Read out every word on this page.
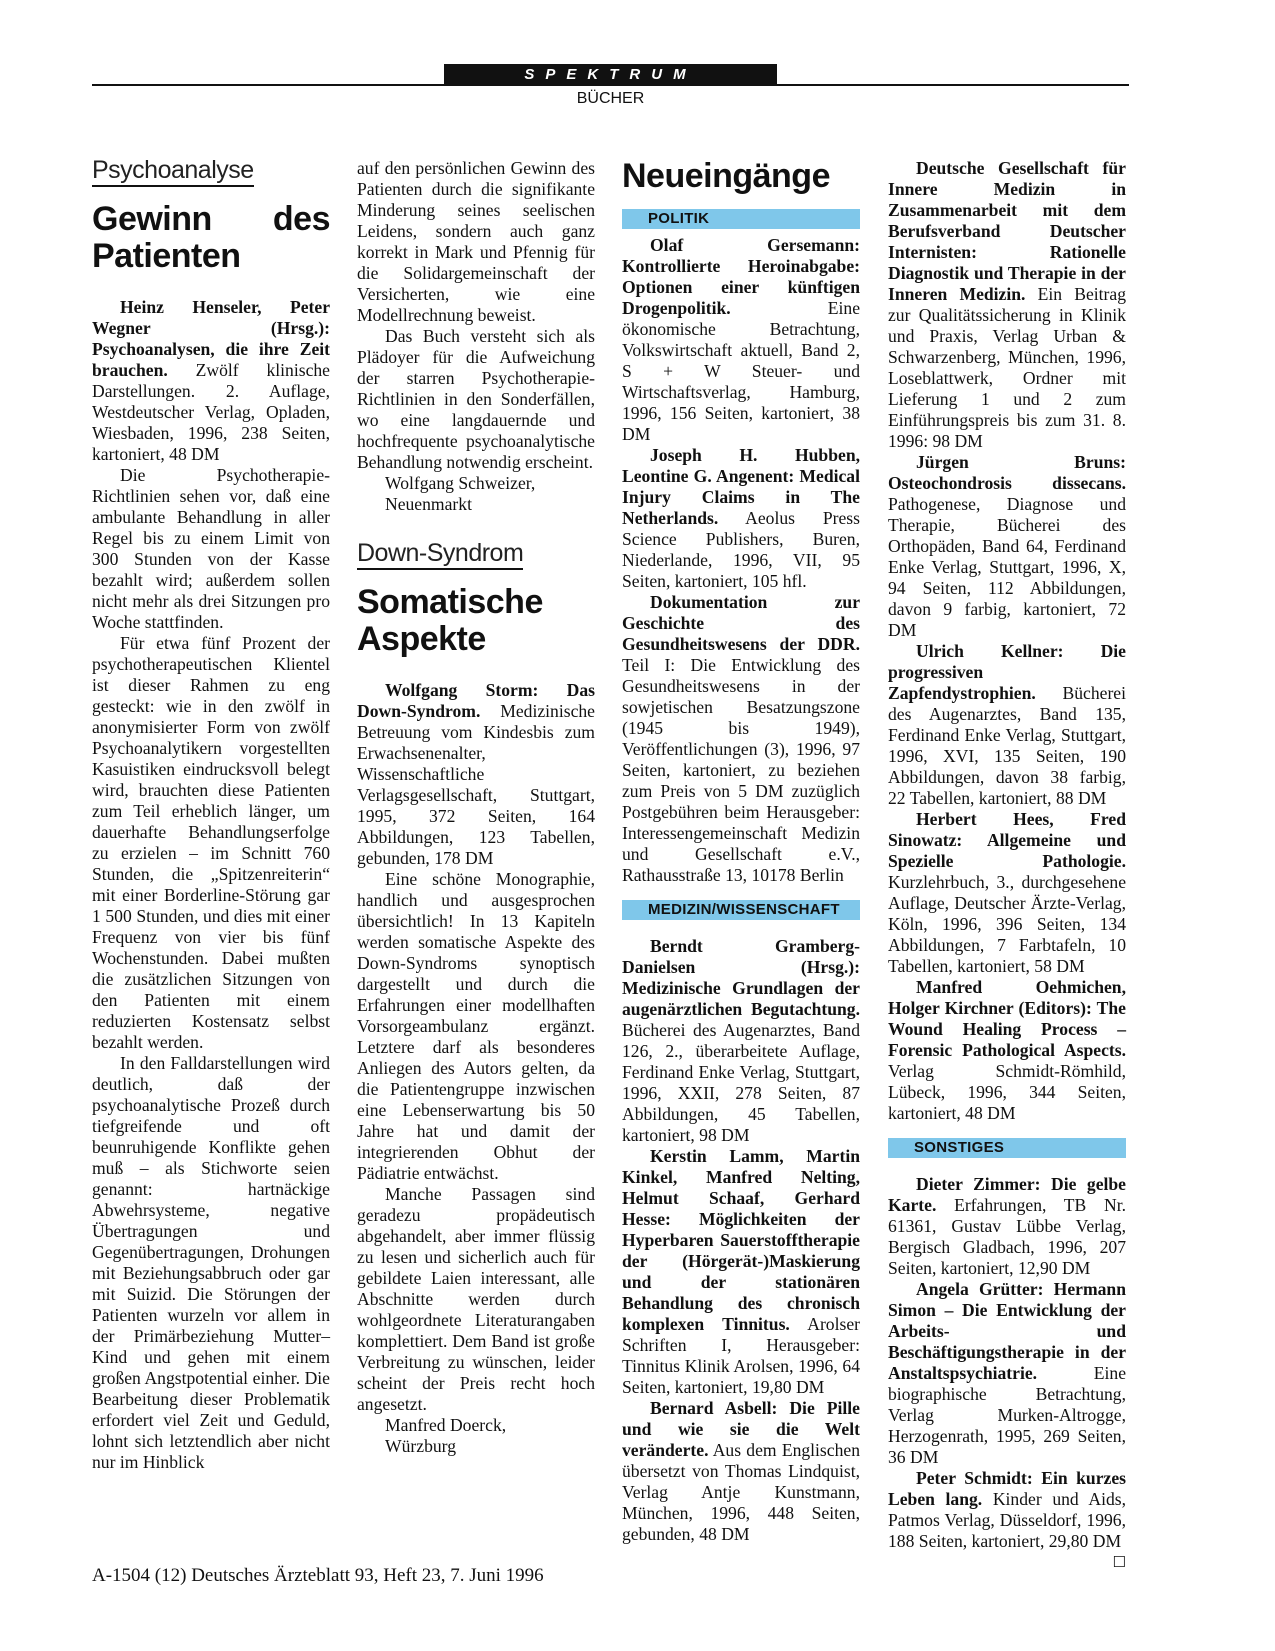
SPEKTRUM
BÜCHER
Psychoanalyse
Gewinn des Patienten

Heinz Henseler, Peter Wegner (Hrsg.): Psychoanalysen, die ihre Zeit brauchen. Zwölf klinische Darstellungen. 2. Auflage, Westdeutscher Verlag, Opladen, Wiesbaden, 1996, 238 Seiten, kartoniert, 48 DM

Die Psychotherapie-Richtlinien sehen vor, daß eine ambulante Behandlung in aller Regel bis zu einem Limit von 300 Stunden von der Kasse bezahlt wird; außerdem sollen nicht mehr als drei Sitzungen pro Woche stattfinden.

Für etwa fünf Prozent der psychotherapeutischen Klientel ist dieser Rahmen zu eng gesteckt: wie in den zwölf in anonymisierter Form von zwölf Psychoanalytikern vorgestellten Kasuistiken eindrucksvoll belegt wird, brauchten diese Patienten zum Teil erheblich länger, um dauerhafte Behandlungserfolge zu erzielen – im Schnitt 760 Stunden, die „Spitzenreiterin“ mit einer Borderline-Störung gar 1 500 Stunden, und dies mit einer Frequenz von vier bis fünf Wochenstunden. Dabei mußten die zusätzlichen Sitzungen von den Patienten mit einem reduzierten Kostensatz selbst bezahlt werden.

In den Falldarstellungen wird deutlich, daß der psychoanalytische Prozeß durch tiefgreifende und oft beunruhigende Konflikte gehen muß – als Stichworte seien genannt: hartnäckige Abwehrsysteme, negative Übertragungen und Gegenübertragungen, Drohungen mit Beziehungsabbruch oder gar mit Suizid. Die Störungen der Patienten wurzeln vor allem in der Primärbeziehung Mutter–Kind und gehen mit einem großen Angstpotential einher. Die Bearbeitung dieser Problematik erfordert viel Zeit und Geduld, lohnt sich letztendlich aber nicht nur im Hinblick

auf den persönlichen Gewinn des Patienten durch die signifikante Minderung seines seelischen Leidens, sondern auch ganz korrekt in Mark und Pfennig für die Solidargemeinschaft der Versicherten, wie eine Modellrechnung beweist.

Das Buch versteht sich als Plädoyer für die Aufweichung der starren Psychotherapie-Richtlinien in den Sonderfällen, wo eine langdauernde und hochfrequente psychoanalytische Behandlung notwendig erscheint.

Wolfgang Schweizer,

Neuenmarkt

Down-Syndrom
Somatische Aspekte

Wolfgang Storm: Das Down-Syndrom. Medizinische Betreuung vom Kindesbis zum Erwachsenenalter, Wissenschaftliche Verlagsgesellschaft, Stuttgart, 1995, 372 Seiten, 164 Abbildungen, 123 Tabellen, gebunden, 178 DM

Eine schöne Monographie, handlich und ausgesprochen übersichtlich! In 13 Kapiteln werden somatische Aspekte des Down-Syndroms synoptisch dargestellt und durch die Erfahrungen einer modellhaften Vorsorgeambulanz ergänzt. Letztere darf als besonderes Anliegen des Autors gelten, da die Patientengruppe inzwischen eine Lebenserwartung bis 50 Jahre hat und damit der integrierenden Obhut der Pädiatrie entwächst.

Manche Passagen sind geradezu propädeutisch abgehandelt, aber immer flüssig zu lesen und sicherlich auch für gebildete Laien interessant, alle Abschnitte werden durch wohlgeordnete Literaturangaben komplettiert. Dem Band ist große Verbreitung zu wünschen, leider scheint der Preis recht hoch angesetzt.

Manfred Doerck,

Würzburg

Neueingänge
POLITIK

Olaf Gersemann: Kontrollierte Heroinabgabe: Optionen einer künftigen Drogenpolitik. Eine ökonomische Betrachtung, Volkswirtschaft aktuell, Band 2, S + W Steuer- und Wirtschaftsverlag, Hamburg, 1996, 156 Seiten, kartoniert, 38 DM

Joseph H. Hubben, Leontine G. Angenent: Medical Injury Claims in The Netherlands. Aeolus Press Science Publishers, Buren, Niederlande, 1996, VII, 95 Seiten, kartoniert, 105 hfl.

Dokumentation zur Geschichte des Gesundheitswesens der DDR. Teil I: Die Entwicklung des Gesundheitswesens in der sowjetischen Besatzungszone (1945 bis 1949), Veröffentlichungen (3), 1996, 97 Seiten, kartoniert, zu beziehen zum Preis von 5 DM zuzüglich Postgebühren beim Herausgeber: Interessengemeinschaft Medizin und Gesellschaft e.V., Rathausstraße 13, 10178 Berlin

MEDIZIN/WISSENSCHAFT

Berndt Gramberg-Danielsen (Hrsg.): Medizinische Grundlagen der augenärztlichen Begutachtung. Bücherei des Augenarztes, Band 126, 2., überarbeitete Auflage, Ferdinand Enke Verlag, Stuttgart, 1996, XXII, 278 Seiten, 87 Abbildungen, 45 Tabellen, kartoniert, 98 DM

Kerstin Lamm, Martin Kinkel, Manfred Nelting, Helmut Schaaf, Gerhard Hesse: Möglichkeiten der Hyperbaren Sauerstofftherapie der (Hörgerät-)Maskierung und der stationären Behandlung des chronisch komplexen Tinnitus. Arolser Schriften I, Herausgeber: Tinnitus Klinik Arolsen, 1996, 64 Seiten, kartoniert, 19,80 DM

Bernard Asbell: Die Pille und wie sie die Welt veränderte. Aus dem Englischen übersetzt von Thomas Lindquist, Verlag Antje Kunstmann, München, 1996, 448 Seiten, gebunden, 48 DM

Deutsche Gesellschaft für Innere Medizin in Zusammenarbeit mit dem Berufsverband Deutscher Internisten: Rationelle Diagnostik und Therapie in der Inneren Medizin. Ein Beitrag zur Qualitätssicherung in Klinik und Praxis, Verlag Urban & Schwarzenberg, München, 1996, Loseblattwerk, Ordner mit Lieferung 1 und 2 zum Einführungspreis bis zum 31. 8. 1996: 98 DM

Jürgen Bruns: Osteochondrosis dissecans. Pathogenese, Diagnose und Therapie, Bücherei des Orthopäden, Band 64, Ferdinand Enke Verlag, Stuttgart, 1996, X, 94 Seiten, 112 Abbildungen, davon 9 farbig, kartoniert, 72 DM

Ulrich Kellner: Die progressiven Zapfendystrophien. Bücherei des Augenarztes, Band 135, Ferdinand Enke Verlag, Stuttgart, 1996, XVI, 135 Seiten, 190 Abbildungen, davon 38 farbig, 22 Tabellen, kartoniert, 88 DM

Herbert Hees, Fred Sinowatz: Allgemeine und Spezielle Pathologie. Kurzlehrbuch, 3., durchgesehene Auflage, Deutscher Ärzte-Verlag, Köln, 1996, 396 Seiten, 134 Abbildungen, 7 Farbtafeln, 10 Tabellen, kartoniert, 58 DM

Manfred Oehmichen, Holger Kirchner (Editors): The Wound Healing Process – Forensic Pathological Aspects. Verlag Schmidt-Römhild, Lübeck, 1996, 344 Seiten, kartoniert, 48 DM

SONSTIGES

Dieter Zimmer: Die gelbe Karte. Erfahrungen, TB Nr. 61361, Gustav Lübbe Verlag, Bergisch Gladbach, 1996, 207 Seiten, kartoniert, 12,90 DM

Angela Grütter: Hermann Simon – Die Entwicklung der Arbeits- und Beschäftigungstherapie in der Anstaltspsychiatrie. Eine biographische Betrachtung, Verlag Murken-Altrogge, Herzogenrath, 1995, 269 Seiten, 36 DM

Peter Schmidt: Ein kurzes Leben lang. Kinder und Aids, Patmos Verlag, Düsseldorf, 1996, 188 Seiten, kartoniert, 29,80 DM
☐

A-1504 (12) Deutsches Ärzteblatt 93, Heft 23, 7. Juni 1996
